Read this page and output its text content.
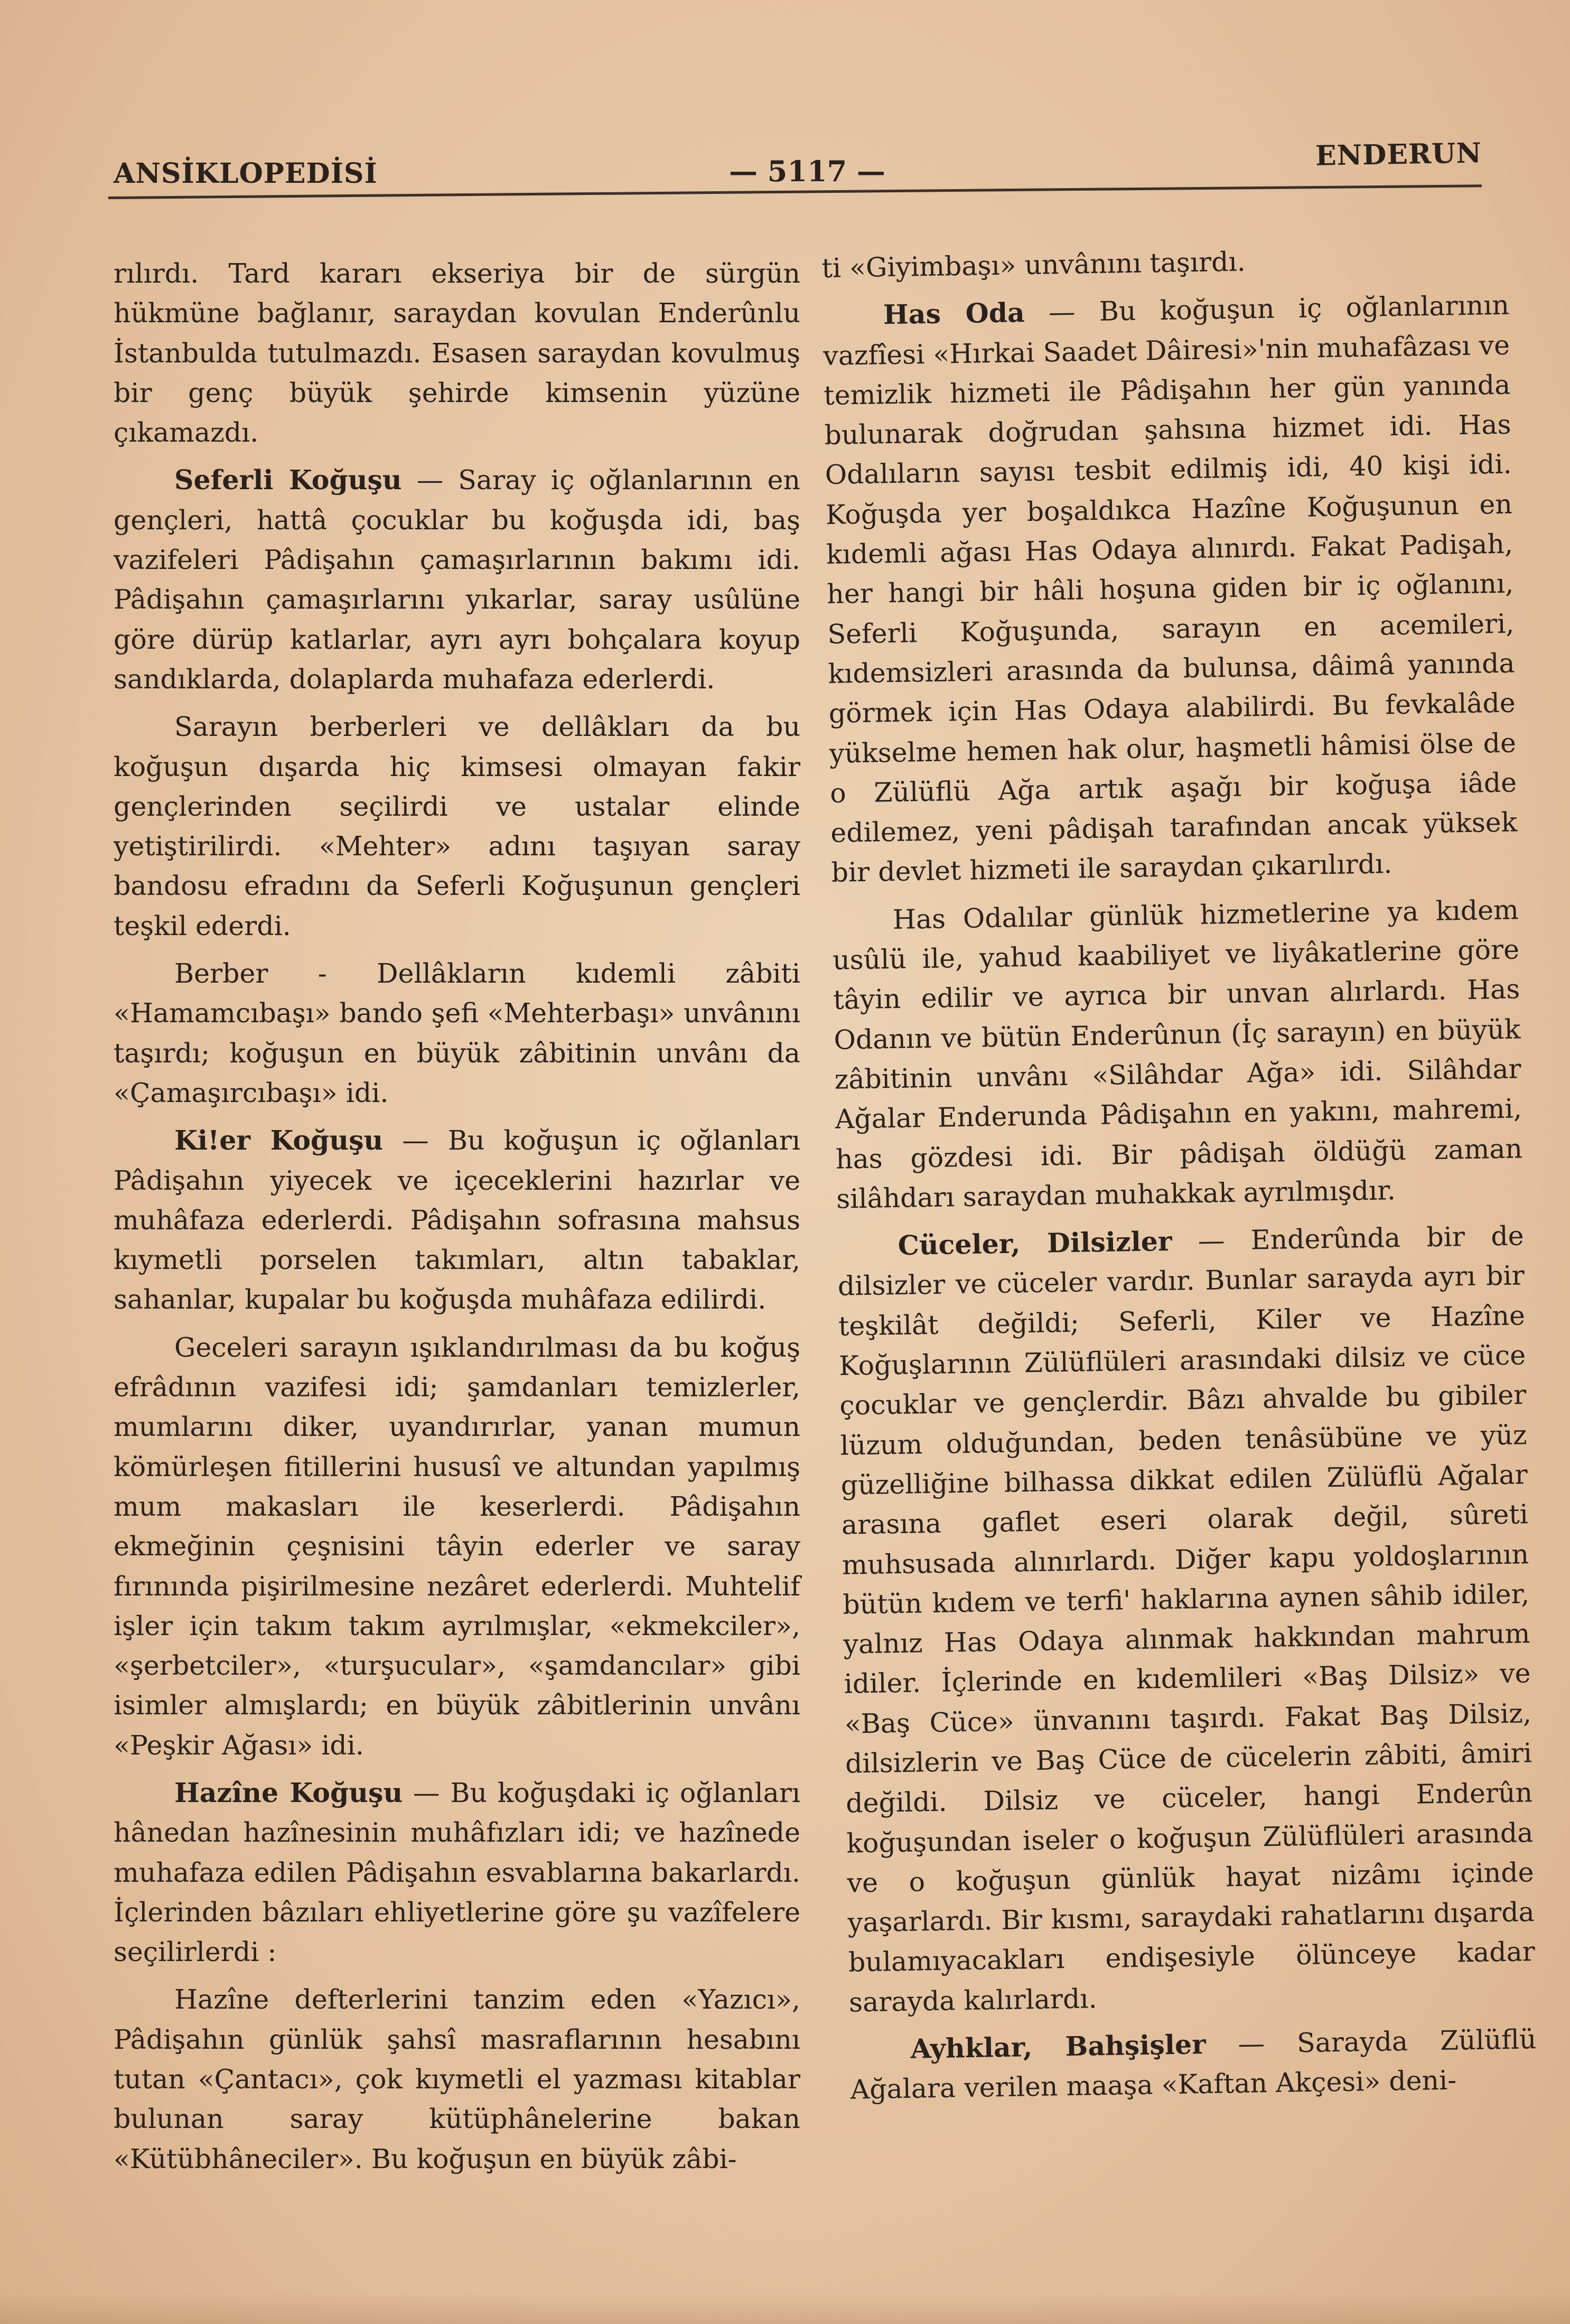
ANSİKLOPEDİSİ	— 5117 —	ENDERUN

rılırdı. Tard kararı ekseriya bir de sürgün hükmüne bağlanır, saraydan kovulan Enderûnlu İstanbulda tutulmazdı. Esasen saraydan kovulmuş bir genç büyük şehirde kimsenin yüzüne çıkamazdı.

Seferli Koğuşu — Saray iç oğlanlarının en gençleri, hattâ çocuklar bu koğuşda idi, baş vazifeleri Pâdişahın çamaşırlarının bakımı idi. Pâdişahın çamaşırlarını yıkarlar, saray usûlüne göre dürüp katlarlar, ayrı ayrı bohçalara koyup sandıklarda, dolaplarda muhafaza ederlerdi.

Sarayın berberleri ve dellâkları da bu koğuşun dışarda hiç kimsesi olmayan fakir gençlerinden seçilirdi ve ustalar elinde yetiştirilirdi. «Mehter» adını taşıyan saray bandosu efradını da Seferli Koğuşunun gençleri teşkil ederdi.

Berber - Dellâkların kıdemli zâbiti «Hamamcıbaşı» bando şefi «Mehterbaşı» unvânını taşırdı; koğuşun en büyük zâbitinin unvânı da «Çamaşırcıbaşı» idi.

Ki!er Koğuşu — Bu koğuşun iç oğlanları Pâdişahın yiyecek ve içeceklerini hazırlar ve muhâfaza ederlerdi. Pâdişahın sofrasına mahsus kıymetli porselen takımları, altın tabaklar, sahanlar, kupalar bu koğuşda muhâfaza edilirdi.

Geceleri sarayın ışıklandırılması da bu koğuş efrâdının vazifesi idi; şamdanları temizlerler, mumlarını diker, uyandırırlar, yanan mumun kömürleşen fitillerini hususî ve altundan yapılmış mum makasları ile keserlerdi. Pâdişahın ekmeğinin çeşnisini tâyin ederler ve saray fırınında pişirilmesine nezâret ederlerdi. Muhtelif işler için takım takım ayrılmışlar, «ekmekciler», «şerbetciler», «turşucular», «şamdancılar» gibi isimler almışlardı; en büyük zâbitlerinin unvânı «Peşkir Ağası» idi.

Hazîne Koğuşu — Bu koğuşdaki iç oğlanları hânedan hazînesinin muhâfızları idi; ve hazînede muhafaza edilen Pâdişahın esvablarına bakarlardı. İçlerinden bâzıları ehliyetlerine göre şu vazîfelere seçilirlerdi :

Hazîne defterlerini tanzim eden «Yazıcı», Pâdişahın günlük şahsî masraflarının hesabını tutan «Çantacı», çok kıymetli el yazması kitablar bulunan saray kütüphânelerine bakan «Kütübhâneciler». Bu koğuşun en büyük zâbi-

ti «Giyimbaşı» unvânını taşırdı.

Has Oda — Bu koğuşun iç oğlanlarının vazfîesi «Hırkai Saadet Dâiresi»'nin muhafâzası ve temizlik hizmeti ile Pâdişahın her gün yanında bulunarak doğrudan şahsına hizmet idi. Has Odalıların sayısı tesbit edilmiş idi, 40 kişi idi. Koğuşda yer boşaldıkca Hazîne Koğuşunun en kıdemli ağası Has Odaya alınırdı. Fakat Padişah, her hangi bir hâli hoşuna giden bir iç oğlanını, Seferli Koğuşunda, sarayın en acemileri, kıdemsizleri arasında da bulunsa, dâimâ yanında görmek için Has Odaya alabilirdi. Bu fevkalâde yükselme hemen hak olur, haşmetli hâmisi ölse de o Zülüflü Ağa artık aşağı bir koğuşa iâde edilemez, yeni pâdişah tarafından ancak yüksek bir devlet hizmeti ile saraydan çıkarılırdı.

Has Odalılar günlük hizmetlerine ya kıdem usûlü ile, yahud kaabiliyet ve liyâkatlerine göre tâyin edilir ve ayrıca bir unvan alırlardı. Has Odanın ve bütün Enderûnun (İç sarayın) en büyük zâbitinin unvânı «Silâhdar Ağa» idi. Silâhdar Ağalar Enderunda Pâdişahın en yakını, mahremi, has gözdesi idi. Bir pâdişah öldüğü zaman silâhdarı saraydan muhakkak ayrılmışdır.

Cüceler, Dilsizler — Enderûnda bir de dilsizler ve cüceler vardır. Bunlar sarayda ayrı bir teşkilât değildi; Seferli, Kiler ve Hazîne Koğuşlarının Zülüflüleri arasındaki dilsiz ve cüce çocuklar ve gençlerdir. Bâzı ahvalde bu gibiler lüzum olduğundan, beden tenâsübüne ve yüz güzelliğine bilhassa dikkat edilen Zülüflü Ağalar arasına gaflet eseri olarak değil, sûreti muhsusada alınırlardı. Diğer kapu yoldoşlarının bütün kıdem ve terfi' haklarına aynen sâhib idiler, yalnız Has Odaya alınmak hakkından mahrum idiler. İçlerinde en kıdemlileri «Baş Dilsiz» ve «Baş Cüce» ünvanını taşırdı. Fakat Baş Dilsiz, dilsizlerin ve Baş Cüce de cücelerin zâbiti, âmiri değildi. Dilsiz ve cüceler, hangi Enderûn koğuşundan iseler o koğuşun Zülüflüleri arasında ve o koğuşun günlük hayat nizâmı içinde yaşarlardı. Bir kısmı, saraydaki rahatlarını dışarda bulamıyacakları endişesiyle ölünceye kadar sarayda kalırlardı.

Ayhklar, Bahşişler — Sarayda Zülüflü Ağalara verilen maaşa «Kaftan Akçesi» deni-
